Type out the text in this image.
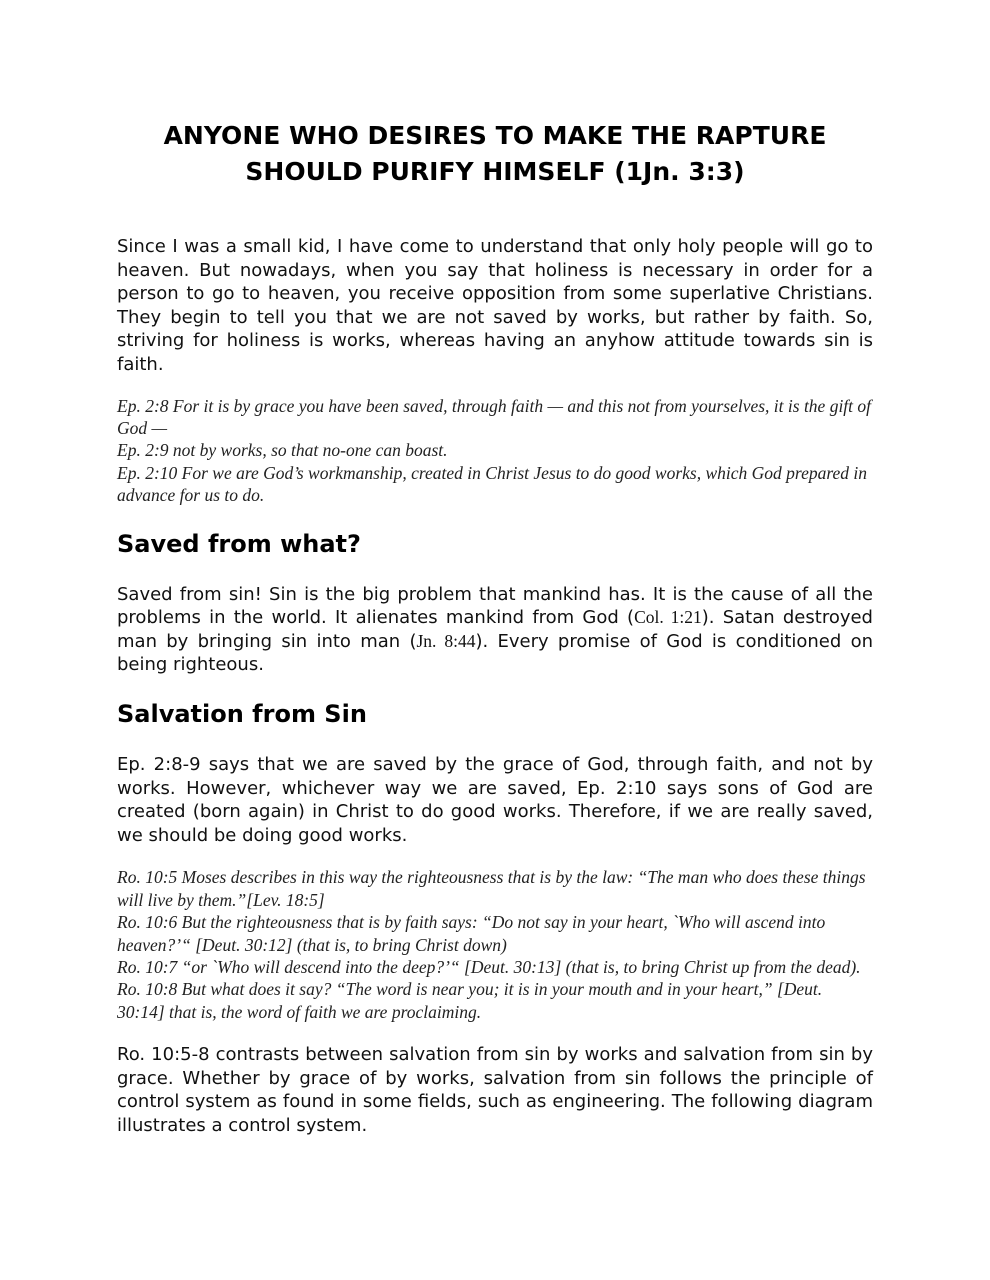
ANYONE WHO DESIRES TO MAKE THE RAPTURE
SHOULD PURIFY HIMSELF (1Jn. 3:3)

Since I was a small kid, I have come to understand that only holy people will go to heaven. But nowadays, when you say that holiness is necessary in order for a person to go to heaven, you receive opposition from some superlative Christians. They begin to tell you that we are not saved by works, but rather by faith. So, striving for holiness is works, whereas having an anyhow attitude towards sin is faith.

Ep. 2:8 For it is by grace you have been saved, through faith — and this not from yourselves, it is the gift of God —
Ep. 2:9 not by works, so that no-one can boast.
Ep. 2:10 For we are God’s workmanship, created in Christ Jesus to do good works, which God prepared in advance for us to do.
Saved from what?

Saved from sin! Sin is the big problem that mankind has. It is the cause of all the problems in the world. It alienates mankind from God (Col. 1:21). Satan destroyed man by bringing sin into man (Jn. 8:44). Every promise of God is conditioned on being righteous.

Salvation from Sin

Ep. 2:8-9 says that we are saved by the grace of God, through faith, and not by works. However, whichever way we are saved, Ep. 2:10 says sons of God are created (born again) in Christ to do good works. Therefore, if we are really saved, we should be doing good works.

Ro. 10:5 Moses describes in this way the righteousness that is by the law: “The man who does these things will live by them.”[Lev. 18:5]
Ro. 10:6 But the righteousness that is by faith says: “Do not say in your heart, `Who will ascend into heaven?’“ [Deut. 30:12] (that is, to bring Christ down)
Ro. 10:7 “or `Who will descend into the deep?’“ [Deut. 30:13] (that is, to bring Christ up from the dead).
Ro. 10:8 But what does it say? “The word is near you; it is in your mouth and in your heart,” [Deut. 30:14] that is, the word of faith we are proclaiming.

Ro. 10:5-8 contrasts between salvation from sin by works and salvation from sin by grace. Whether by grace of by works, salvation from sin follows the principle of control system as found in some fields, such as engineering. The following diagram illustrates a control system.
